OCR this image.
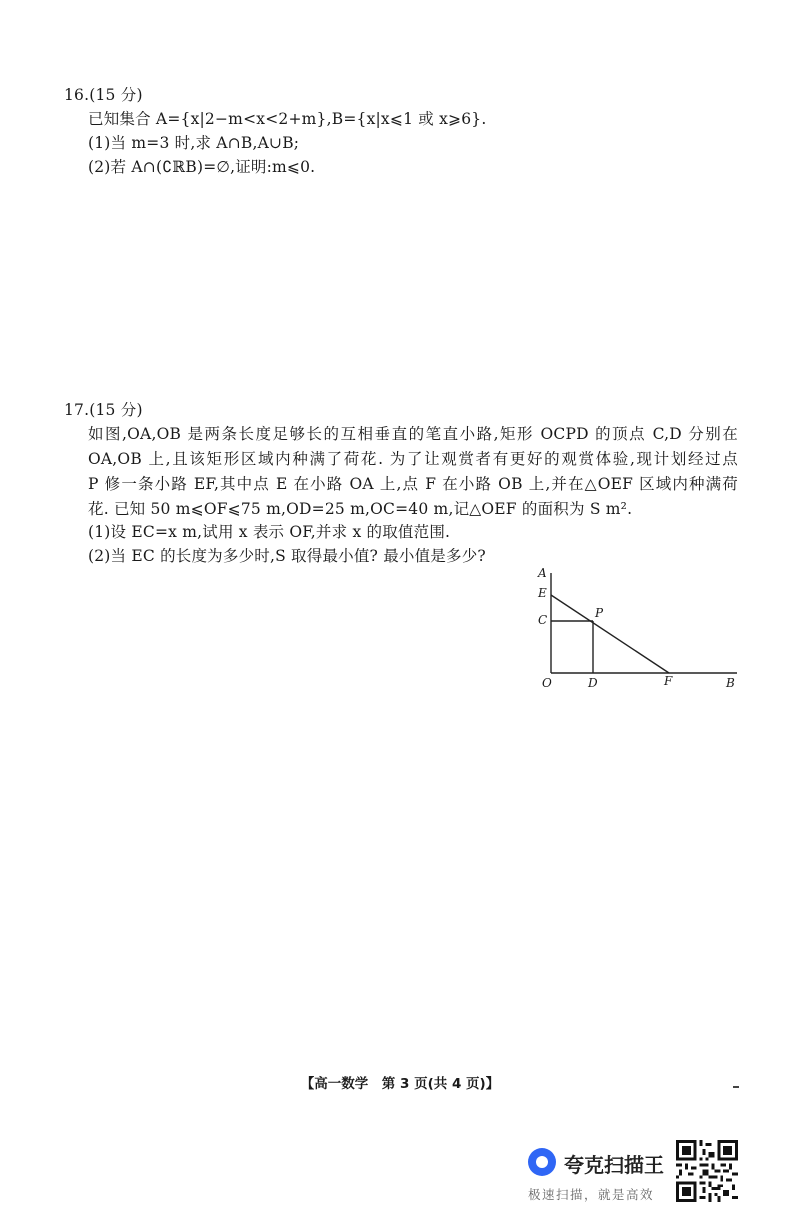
16.(15 分)
已知集合 A={x|2−m<x<2+m},B={x|x⩽1 或 x⩾6}.
(1)当 m=3 时,求 A∩B,A∪B;
(2)若 A∩(∁ℝB)=∅,证明:m⩽0.
17.(15 分)
如图,OA,OB 是两条长度足够长的互相垂直的笔直小路,矩形 OCPD 的顶点 C,D 分别在
OA,OB 上,且该矩形区域内种满了荷花. 为了让观赏者有更好的观赏体验,现计划经过点
P 修一条小路 EF,其中点 E 在小路 OA 上,点 F 在小路 OB 上,并在△OEF 区域内种满荷
花. 已知 50 m⩽OF⩽75 m,OD=25 m,OC=40 m,记△OEF 的面积为 S m².
(1)设 EC=x m,试用 x 表示 OF,并求 x 的取值范围.
(2)当 EC 的长度为多少时,S 取得最小值? 最小值是多少?
A
E
C	P
O	D	F	B
【高一数学　第 3 页(共 4 页)】
夸克扫描王
极速扫描，就是高效
